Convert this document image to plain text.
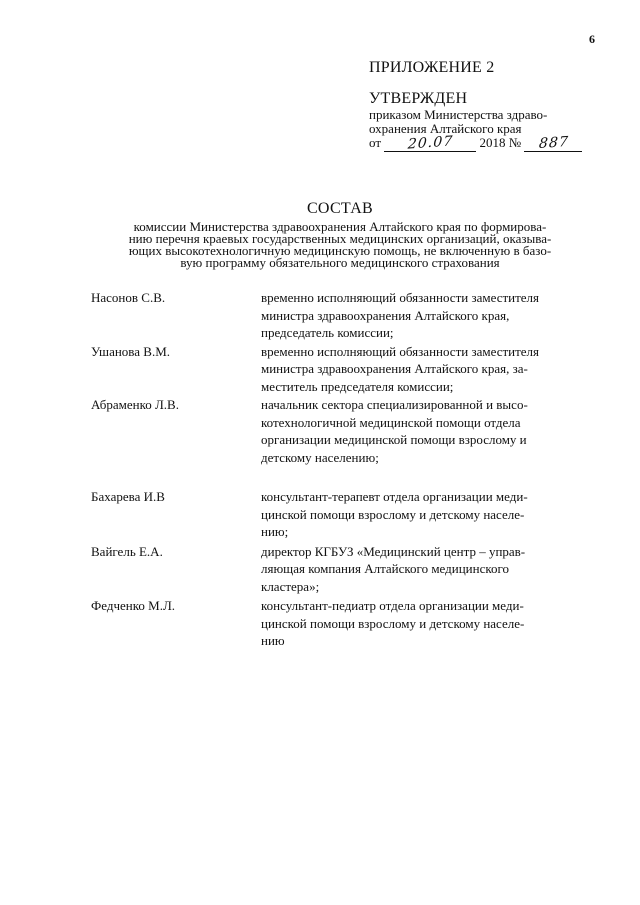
6
ПРИЛОЖЕНИЕ 2
УТВЕРЖДЕН
приказом Министерства здраво-
охранения Алтайского края
от 20.07 2018 № 887
СОСТАВ
комиссии Министерства здравоохранения Алтайского края по формирова-
нию перечня краевых государственных медицинских организаций, оказыва-
ющих высокотехнологичную медицинскую помощь, не включенную в базо-
вую программу обязательного медицинского страхования
Насонов С.В.	временно исполняющий обязанности заместителя
министра здравоохранения Алтайского края,
председатель комиссии;
Ушанова В.М.	временно исполняющий обязанности заместителя
министра здравоохранения Алтайского края, за-
меститель председателя комиссии;
Абраменко Л.В.	начальник сектора специализированной и высо-
котехнологичной медицинской помощи отдела
организации медицинской помощи взрослому и
детскому населению;
Бахарева И.В	консультант-терапевт отдела организации меди-
цинской помощи взрослому и детскому населе-
нию;
Вайгель Е.А.	директор КГБУЗ «Медицинский центр – управ-
ляющая компания Алтайского медицинского
кластера»;
Федченко М.Л.	консультант-педиатр отдела организации меди-
цинской помощи взрослому и детскому населе-
нию
